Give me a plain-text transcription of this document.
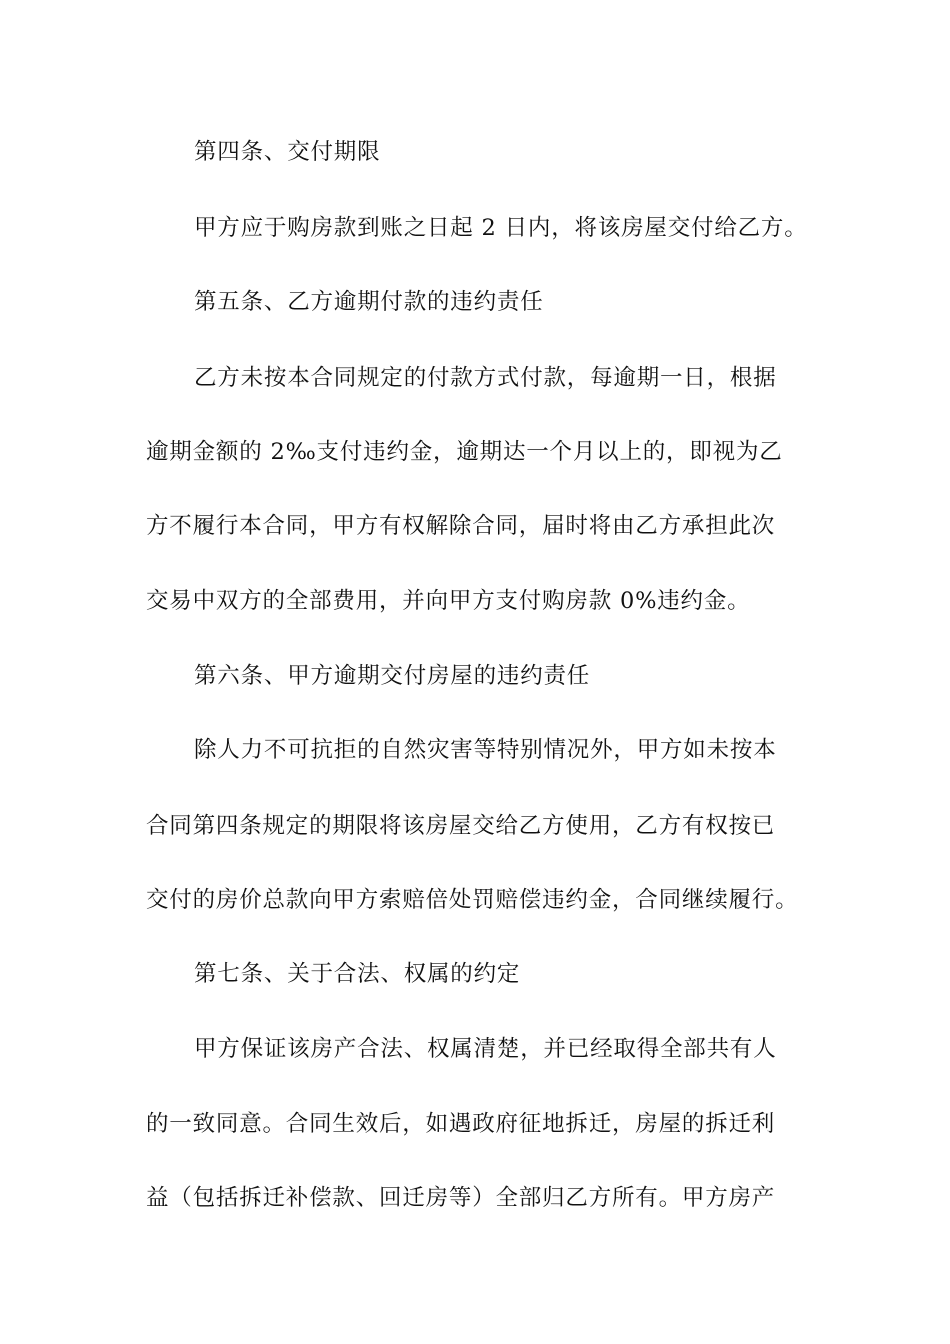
第四条、交付期限
甲方应于购房款到账之日起 2 日内，将该房屋交付给乙方。
第五条、乙方逾期付款的违约责任
乙方未按本合同规定的付款方式付款，每逾期一日，根据
逾期金额的 2‰支付违约金，逾期达一个月以上的，即视为乙
方不履行本合同，甲方有权解除合同，届时将由乙方承担此次
交易中双方的全部费用，并向甲方支付购房款 0%违约金。
第六条、甲方逾期交付房屋的违约责任
除人力不可抗拒的自然灾害等特别情况外，甲方如未按本
合同第四条规定的期限将该房屋交给乙方使用，乙方有权按已
交付的房价总款向甲方索赔倍处罚赔偿违约金，合同继续履行。
第七条、关于合法、权属的约定
甲方保证该房产合法、权属清楚，并已经取得全部共有人
的一致同意。合同生效后，如遇政府征地拆迁，房屋的拆迁利
益（包括拆迁补偿款、回迁房等）全部归乙方所有。甲方房产
